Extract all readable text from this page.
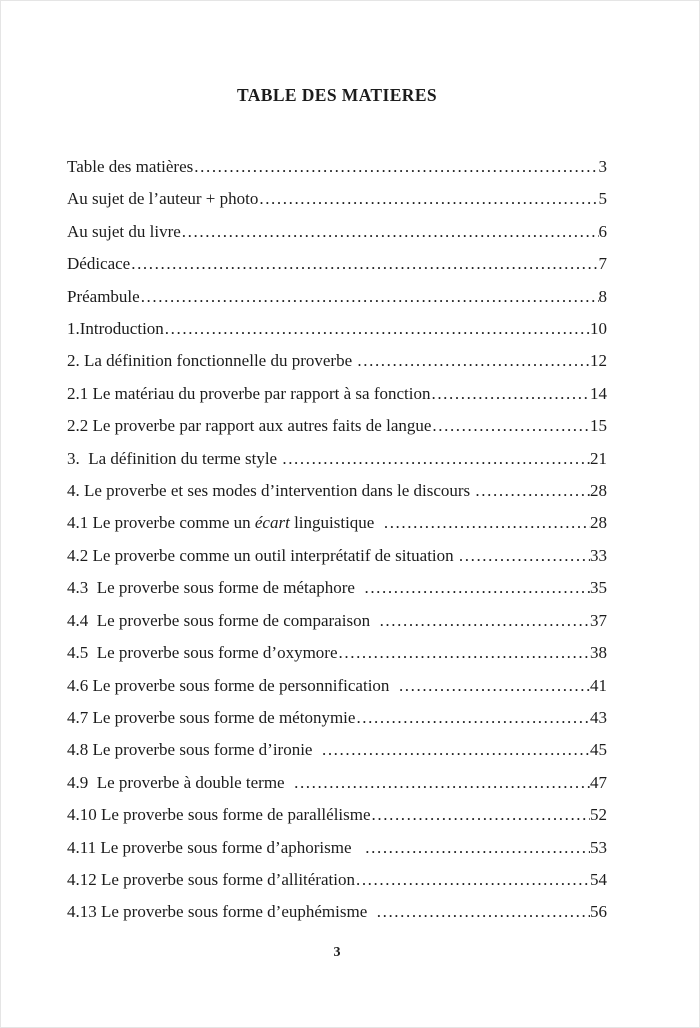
TABLE DES MATIERES
Table des matières .....	3
Au sujet de l’auteur + photo .....	5
Au sujet du livre .....	6
Dédicace .....	7
Préambule .....	8
1.Introduction .....	10
2. La définition fonctionnelle du proverbe .....	12
2.1 Le matériau du proverbe par rapport à sa fonction .....	14
2.2 Le proverbe par rapport aux autres faits de langue .....	15
3.  La définition du terme style .....	21
4. Le proverbe et ses modes d’intervention dans le discours .....	28
4.1 Le proverbe comme un écart linguistique .....	28
4.2 Le proverbe comme un outil interprétatif de situation .....	33
4.3  Le proverbe sous forme de métaphore .....	35
4.4  Le proverbe sous forme de comparaison .....	37
4.5  Le proverbe sous forme d’oxymore .....	38
4.6 Le proverbe sous forme de personnification .....	41
4.7 Le proverbe sous forme de métonymie .....	43
4.8 Le proverbe sous forme d’ironie .....	45
4.9  Le proverbe à double terme .....	47
4.10 Le proverbe sous forme de parallélisme .....	52
4.11 Le proverbe sous forme d’aphorisme .....	53
4.12 Le proverbe sous forme d’allitération .....	54
4.13 Le proverbe sous forme d’euphémisme .....	56
3
